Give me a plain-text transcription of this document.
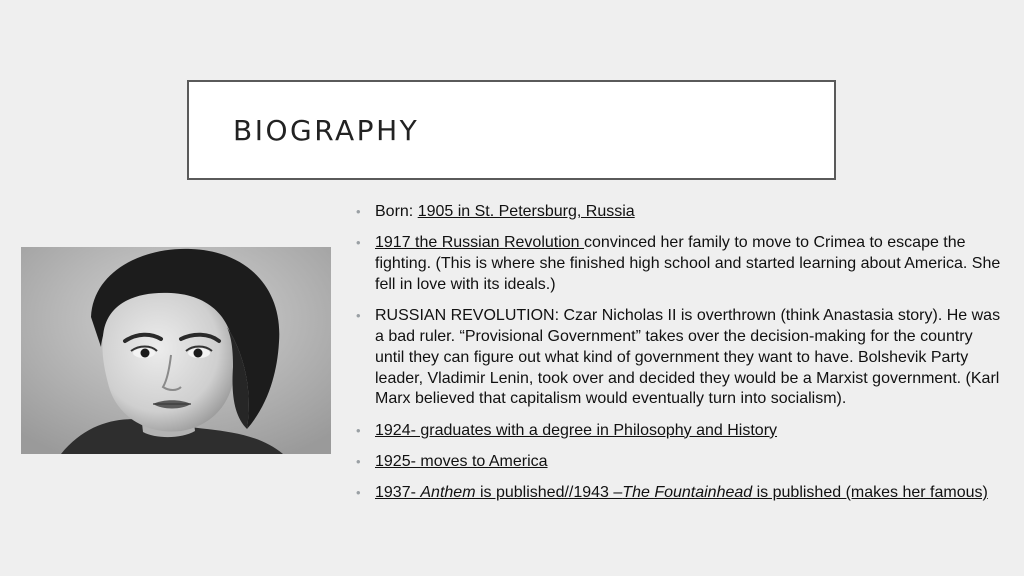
BIOGRAPHY
• Born: 1905 in St. Petersburg, Russia
• 1917 the Russian Revolution convinced her family to move to Crimea to escape the fighting. (This is where she finished high school and started learning about America. She fell in love with its ideals.)
• RUSSIAN REVOLUTION: Czar Nicholas II is overthrown (think Anastasia story). He was a bad ruler. “Provisional Government” takes over the decision-making for the country until they can figure out what kind of government they want to have. Bolshevik Party leader, Vladimir Lenin, took over and decided they would be a Marxist government. (Karl Marx believed that capitalism would eventually turn into socialism).
• 1924- graduates with a degree in Philosophy and History
• 1925- moves to America
• 1937- Anthem is published//1943 –The Fountainhead is published (makes her famous)
